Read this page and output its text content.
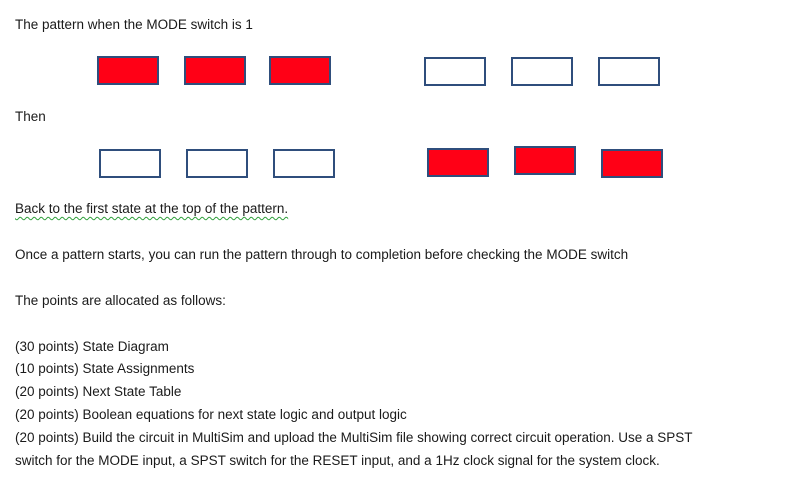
The pattern when the MODE switch is 1
Then
Back to the first state at the top of the pattern.
Once a pattern starts, you can run the pattern through to completion before checking the MODE switch
The points are allocated as follows:
(30 points) State Diagram
(10 points) State Assignments
(20 points) Next State Table
(20 points) Boolean equations for next state logic and output logic
(20 points) Build the circuit in MultiSim and upload the MultiSim file showing correct circuit operation. Use a SPST
switch for the MODE input, a SPST switch for the RESET input, and a 1Hz clock signal for the system clock.
